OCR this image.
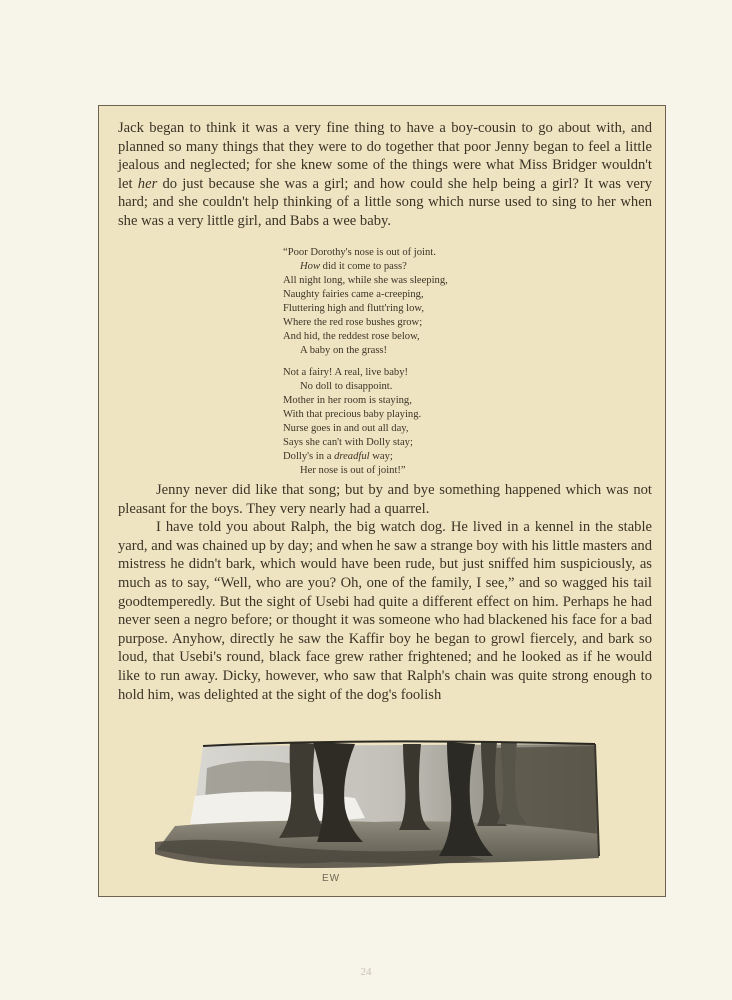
Jack began to think it was a very fine thing to have a boy-cousin to go about with, and planned so many things that they were to do together that poor Jenny began to feel a little jealous and neglected; for she knew some of the things were what Miss Bridger wouldn't let her do just because she was a girl; and how could she help being a girl? It was very hard; and she couldn't help thinking of a little song which nurse used to sing to her when she was a very little girl, and Babs a wee baby.

“Poor Dorothy's nose is out of joint.
How did it come to pass?
All night long, while she was sleeping,
Naughty fairies came a-creeping,
Fluttering high and flutt'ring low,
Where the red rose bushes grow;
And hid, the reddest rose below,
A baby on the grass!
Not a fairy! A real, live baby!
No doll to disappoint.
Mother in her room is staying,
With that precious baby playing.
Nurse goes in and out all day,
Says she can't with Dolly stay;
Dolly's in a dreadful way;
Her nose is out of joint!”

Jenny never did like that song; but by and bye something happened which was not pleasant for the boys. They very nearly had a quarrel.

I have told you about Ralph, the big watch dog. He lived in a kennel in the stable yard, and was chained up by day; and when he saw a strange boy with his little masters and mistress he didn't bark, which would have been rude, but just sniffed him suspiciously, as much as to say, “Well, who are you? Oh, one of the family, I see,” and so wagged his tail goodtemperedly. But the sight of Usebi had quite a different effect on him. Perhaps he had never seen a negro before; or thought it was someone who had blackened his face for a bad purpose. Anyhow, directly he saw the Kaffir boy he began to growl fiercely, and bark so loud, that Usebi's round, black face grew rather frightened; and he looked as if he would like to run away. Dicky, however, who saw that Ralph's chain was quite strong enough to hold him, was delighted at the sight of the dog's foolish

EW
24
